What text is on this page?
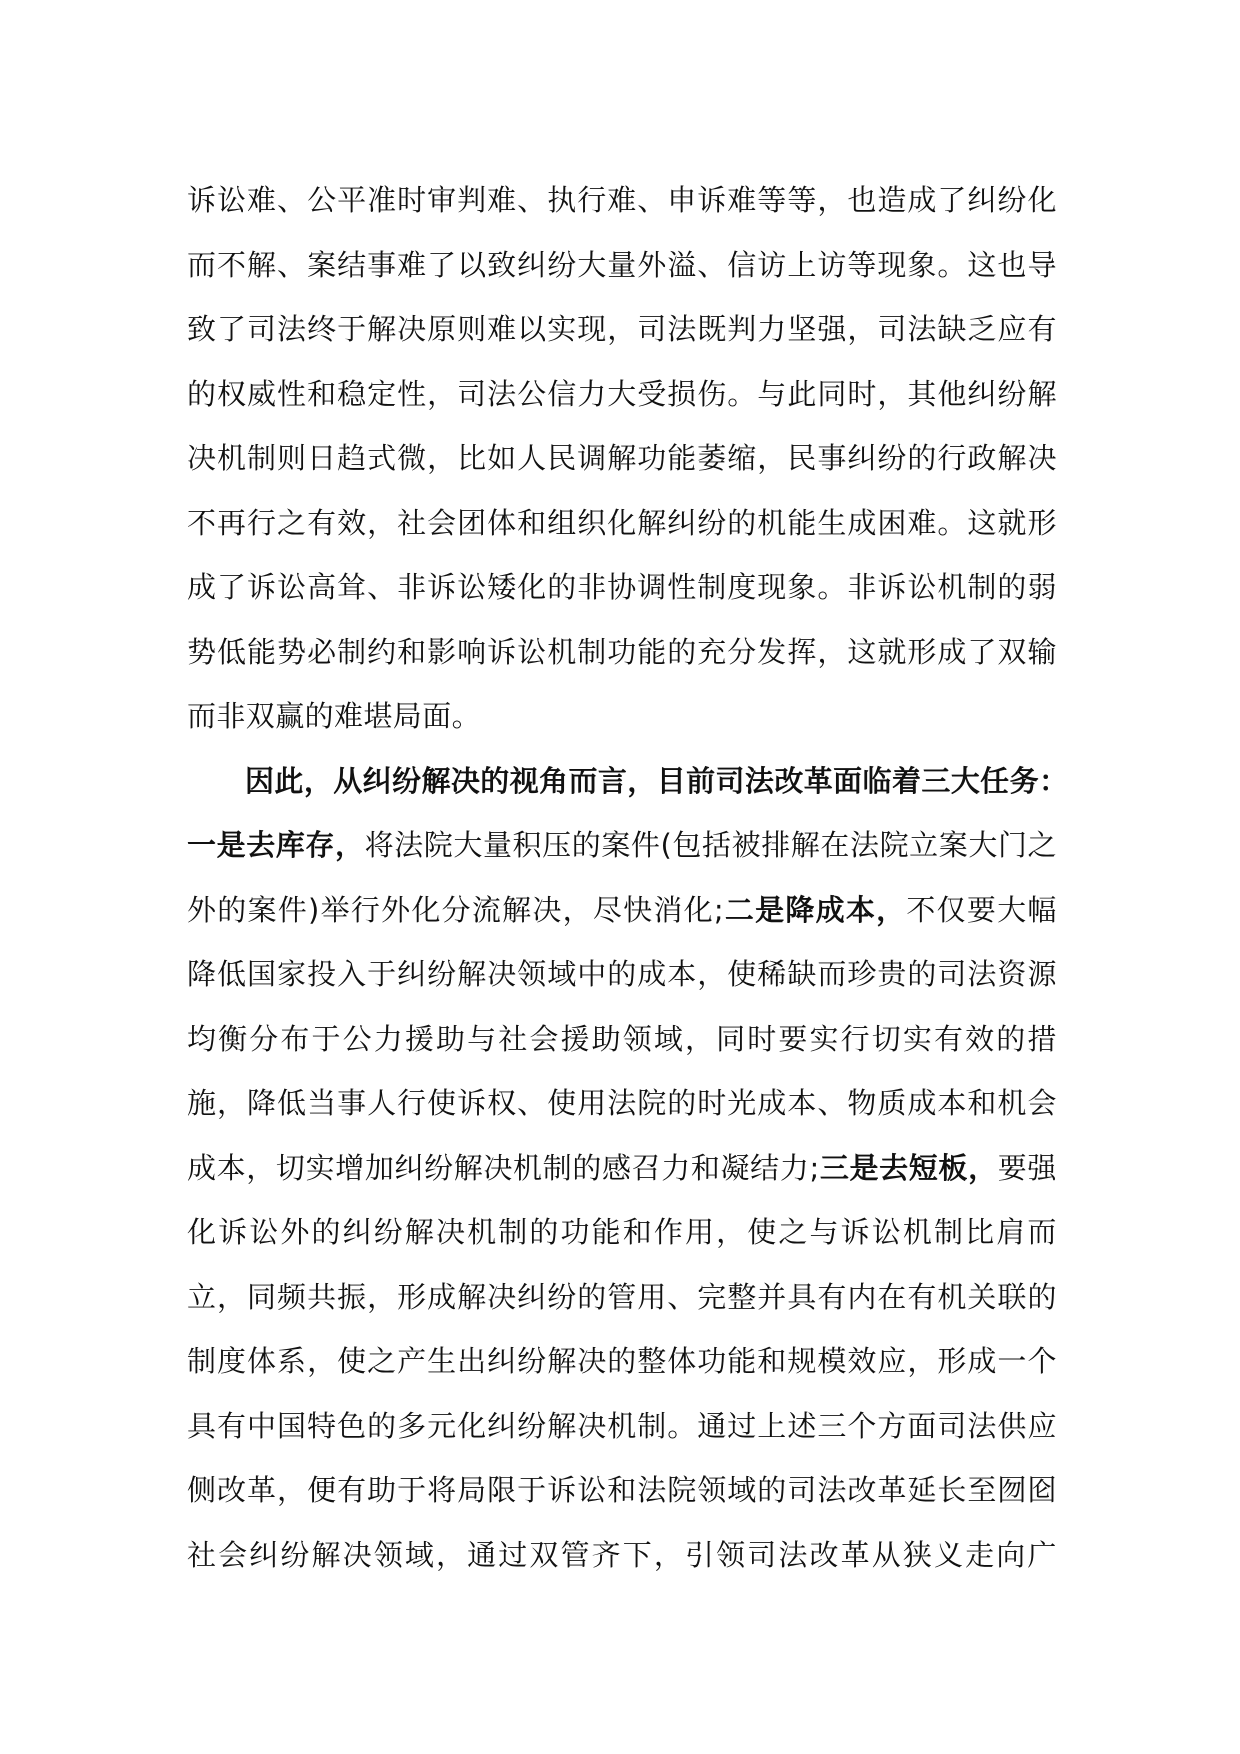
诉 讼 难 、 公 平 准 时 审 判 难 、 执 行 难 、 申 诉 难 等 等 ， 也 造 成 了 纠 纷 化
而 不 解 、 案 结 事 难 了 以 致 纠 纷 大 量 外 溢 、 信 访 上 访 等 现 象 。 这 也 导
致 了 司 法 终 于 解 决 原 则 难 以 实 现 ， 司 法 既 判 力 坚 强 ， 司 法 缺 乏 应 有
的 权 威 性 和 稳 定 性 ， 司 法 公 信 力 大 受 损 伤 。 与 此 同 时 ， 其 他 纠 纷 解
决 机 制 则 日 趋 式 微 ， 比 如 人 民 调 解 功 能 萎 缩 ， 民 事 纠 纷 的 行 政 解 决
不 再 行 之 有 效 ， 社 会 团 体 和 组 织 化 解 纠 纷 的 机 能 生 成 困 难 。 这 就 形
成 了 诉 讼 高 耸 、 非 诉 讼 矮 化 的 非 协 调 性 制 度 现 象 。 非 诉 讼 机 制 的 弱
势 低 能 势 必 制 约 和 影 响 诉 讼 机 制 功 能 的 充 分 发 挥 ， 这 就 形 成 了 双 输
而非双赢的难堪局面。
因 此 ， 从 纠 纷 解 决 的 视 角 而 言 ， 目 前 司 法 改 革 面 临 着 三 大 任 务 ：
一 是 去 库 存 ， 将 法 院 大 量 积 压 的 案 件 ( 包 括 被 排 解 在 法 院 立 案 大 门 之
外 的 案 件 ) 举 行 外 化 分 流 解 决 ， 尽 快 消 化 ; 二 是 降 成 本 ， 不 仅 要 大 幅
降 低 国 家 投 入 于 纠 纷 解 决 领 域 中 的 成 本 ， 使 稀 缺 而 珍 贵 的 司 法 资 源
均 衡 分 布 于 公 力 援 助 与 社 会 援 助 领 域 ， 同 时 要 实 行 切 实 有 效 的 措
施 ， 降 低 当 事 人 行 使 诉 权 、 使 用 法 院 的 时 光 成 本 、 物 质 成 本 和 机 会
成 本 ， 切 实 增 加 纠 纷 解 决 机 制 的 感 召 力 和 凝 结 力 ; 三 是 去 短 板 ， 要 强
化 诉 讼 外 的 纠 纷 解 决 机 制 的 功 能 和 作 用 ， 使 之 与 诉 讼 机 制 比 肩 而
立 ， 同 频 共 振 ， 形 成 解 决 纠 纷 的 管 用 、 完 整 并 具 有 内 在 有 机 关 联 的
制 度 体 系 ， 使 之 产 生 出 纠 纷 解 决 的 整 体 功 能 和 规 模 效 应 ， 形 成 一 个
具 有 中 国 特 色 的 多 元 化 纠 纷 解 决 机 制 。 通 过 上 述 三 个 方 面 司 法 供 应
侧 改 革 ， 便 有 助 于 将 局 限 于 诉 讼 和 法 院 领 域 的 司 法 改 革 延 长 至 囫 囵
社 会 纠 纷 解 决 领 域 ， 通 过 双 管 齐 下 ， 引 领 司 法 改 革 从 狭 义 走 向 广
